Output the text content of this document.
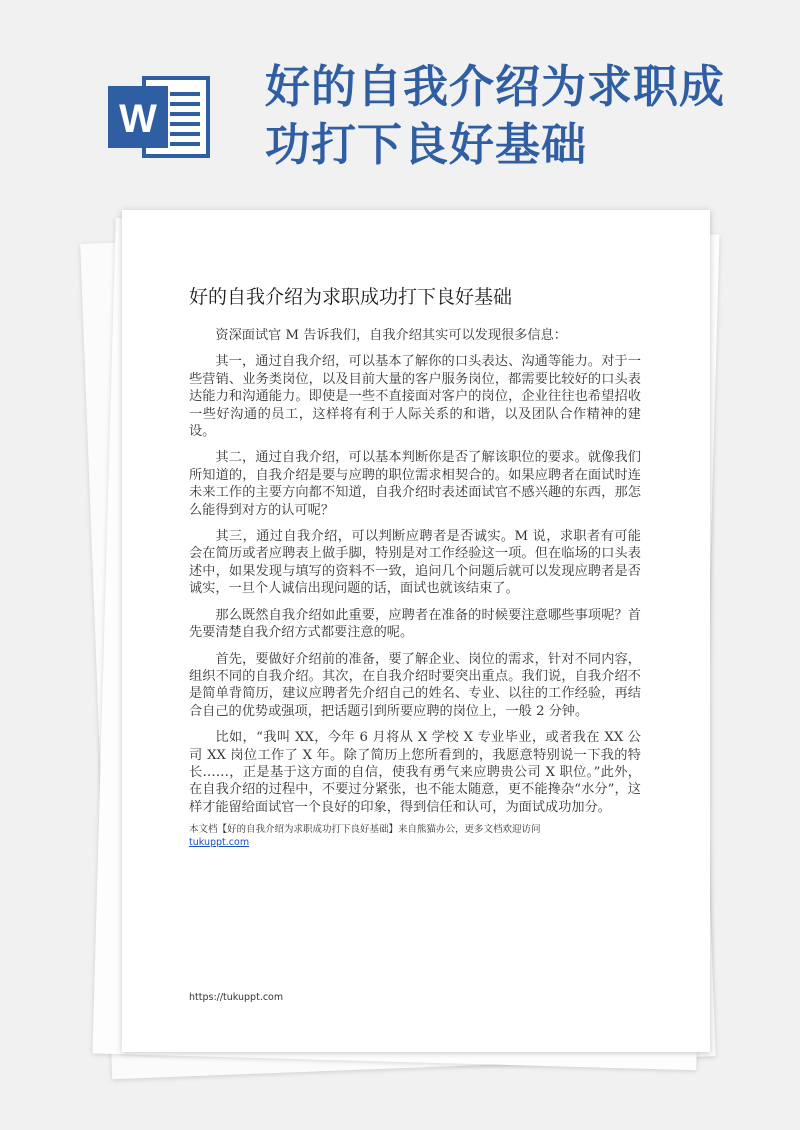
W
好的自我介绍为求职成
功打下良好基础
好的自我介绍为求职成功打下良好基础

资深面试官 M 告诉我们，自我介绍其实可以发现很多信息：

其一，通过自我介绍，可以基本了解你的口头表达、沟通等能力。对于一些营销、业务类岗位，以及目前大量的客户服务岗位，都需要比较好的口头表达能力和沟通能力。即使是一些不直接面对客户的岗位，企业往往也希望招收一些好沟通的员工，这样将有利于人际关系的和谐，以及团队合作精神的建设。

其二，通过自我介绍，可以基本判断你是否了解该职位的要求。就像我们所知道的，自我介绍是要与应聘的职位需求相契合的。如果应聘者在面试时连未来工作的主要方向都不知道，自我介绍时表述面试官不感兴趣的东西，那怎么能得到对方的认可呢？

其三，通过自我介绍，可以判断应聘者是否诚实。M 说，求职者有可能会在简历或者应聘表上做手脚，特别是对工作经验这一项。但在临场的口头表述中，如果发现与填写的资料不一致，追问几个问题后就可以发现应聘者是否诚实，一旦个人诚信出现问题的话，面试也就该结束了。

那么既然自我介绍如此重要，应聘者在准备的时候要注意哪些事项呢？首先要清楚自我介绍方式都要注意的呢。

首先，要做好介绍前的准备，要了解企业、岗位的需求，针对不同内容，组织不同的自我介绍。其次，在自我介绍时要突出重点。我们说，自我介绍不是简单背简历，建议应聘者先介绍自己的姓名、专业、以往的工作经验，再结合自己的优势或强项，把话题引到所要应聘的岗位上，一般 2 分钟。

比如，“我叫 XX，今年 6 月将从 X 学校 X 专业毕业，或者我在 XX 公司 XX 岗位工作了 X 年。除了简历上您所看到的，我愿意特别说一下我的特长……，正是基于这方面的自信，使我有勇气来应聘贵公司 X 职位。”此外，在自我介绍的过程中，不要过分紧张，也不能太随意，更不能搀杂“水分”，这样才能留给面试官一个良好的印象，得到信任和认可，为面试成功加分。

本文档【好的自我介绍为求职成功打下良好基础】来自熊猫办公，更多文档欢迎访问
tukuppt.com
https://tukuppt.com
